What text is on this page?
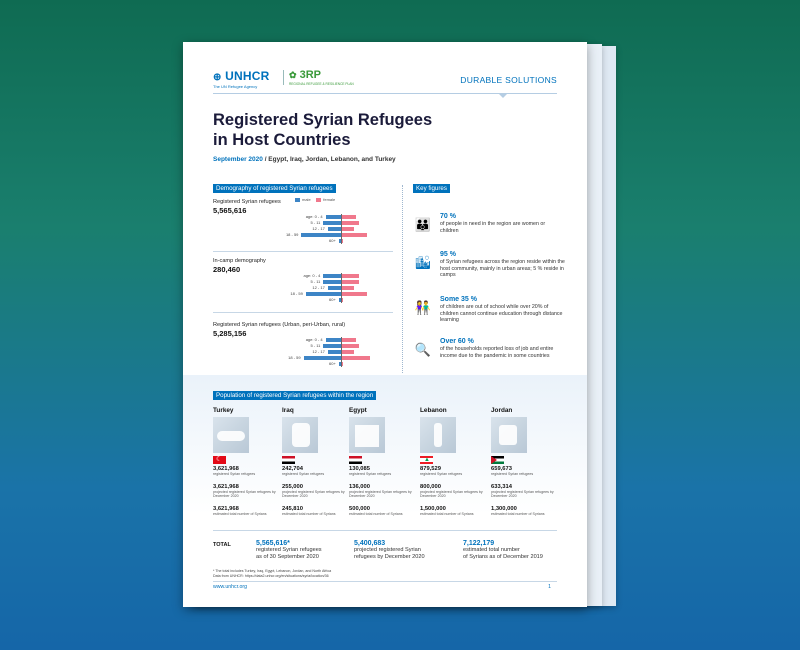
⊕ UNHCR
The UN Refugee Agency
✿ 3RP
REGIONAL REFUGEE & RESILIENCE PLAN	DURABLE SOLUTIONS
Registered Syrian Refugees
in Host Countries
September 2020 / Egypt, Iraq, Jordan, Lebanon, and Turkey
Demography of registered Syrian refugees
male	female
Registered Syrian refugees
5,565,616
age: 0 - 4
5 - 11
12 - 17
18 - 59
60+
In-camp demography
280,460
age: 0 - 4
5 - 11
12 - 17
18 - 59
60+
Registered Syrian refugees (Urban, peri-Urban, rural)
5,285,156
age: 0 - 4
5 - 11
12 - 17
18 - 59
60+
Key figures
👪
70 %
of people in need in the region are women or children
🏙
95 %
of Syrian refugees across the region reside within the host community, mainly in urban areas; 5 % reside in camps
👫
Some 35 %
of children are out of school while over 20% of children cannot continue education through distance learning
🔍
Over 60 %
of the households reported loss of job and entire income due to the pandemic in some countries
Population of registered Syrian refugees within the region
Turkey
☾
3,621,968
registered Syrian refugees
3,621,968
projected registered Syrian refugees by December 2020
3,621,968
estimated total number of Syrians
Iraq
242,704
registered Syrian refugees
255,000
projected registered Syrian refugees by December 2020
245,810
estimated total number of Syrians
Egypt
130,085
registered Syrian refugees
136,000
projected registered Syrian refugees by December 2020
500,000
estimated total number of Syrians
Lebanon
▲
879,529
registered Syrian refugees
800,000
projected registered Syrian refugees by December 2020
1,500,000
estimated total number of Syrians
Jordan
659,673
registered Syrian refugees
633,314
projected registered Syrian refugees by December 2020
1,300,000
estimated total number of Syrians
TOTAL	5,565,616*
registered Syrian refugees
as of 30 September 2020
5,400,683
projected registered Syrian
refugees by December 2020
7,122,179
estimated total number
of Syrians as of December 2019
* The total includes Turkey, Iraq, Egypt, Lebanon, Jordan, and North Africa
Data from UNHCR: https://data2.unhcr.org/en/situations/syria/location/36
www.unhcr.org	1
